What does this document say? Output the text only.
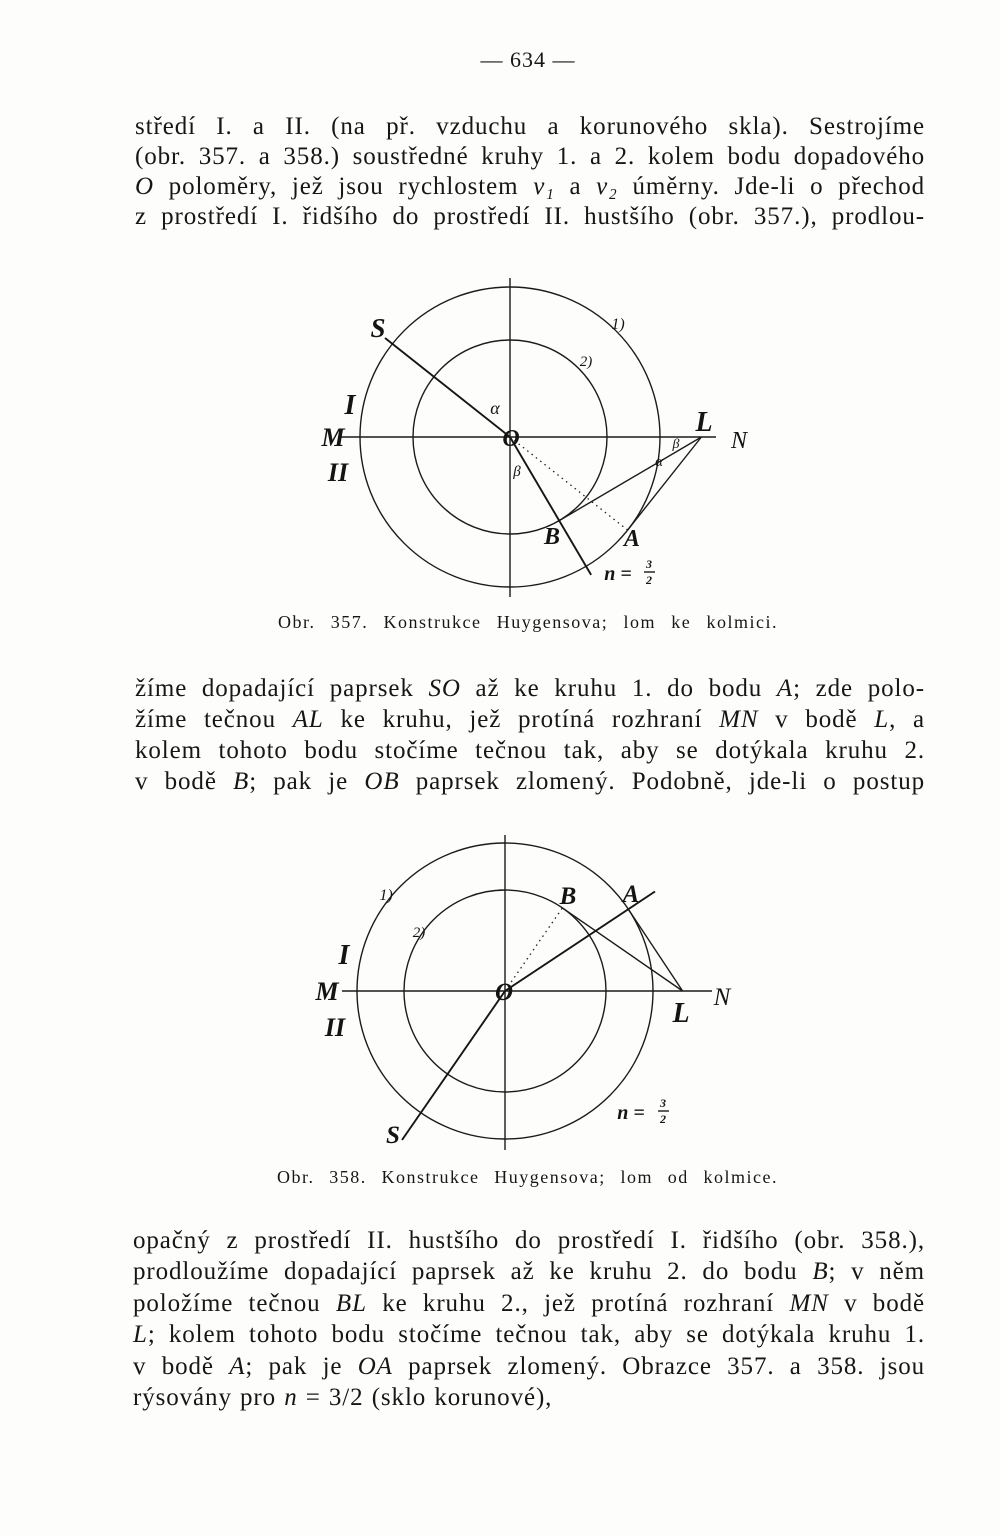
— 634 —
středí I. a II. (na př. vzduchu a korunového skla). Sestrojíme
(obr. 357. a 358.) soustředné kruhy 1. a 2. kolem bodu dopadového
O poloměry, jež jsou rychlostem v₁ a v₂ úměrny. Jde-li o přechod
z prostředí I. řidšího do prostředí II. hustšího (obr. 357.), prodlou-
S	1)
2)
I
M
II
α
O
β
L
N
β
α
B	A
n = 3
2
Obr. 357. Konstrukce Huygensova; lom ke kolmici.
žíme dopadající paprsek SO až ke kruhu 1. do bodu A; zde polo-
žíme tečnou AL ke kruhu, jež protíná rozhraní MN v bodě L, a
kolem tohoto bodu stočíme tečnou tak, aby se dotýkala kruhu 2.
v bodě B; pak je OB paprsek zlomený. Podobně, jde-li o postup
1)
2)
B A
I
M
II
O
L
N
S
n = 3
2
Obr. 358. Konstrukce Huygensova; lom od kolmice.
opačný z prostředí II. hustšího do prostředí I. řidšího (obr. 358.),
prodloužíme dopadající paprsek až ke kruhu 2. do bodu B; v něm
položíme tečnou BL ke kruhu 2., jež protíná rozhraní MN v bodě
L; kolem tohoto bodu stočíme tečnou tak, aby se dotýkala kruhu 1.
v bodě A; pak je OA paprsek zlomený. Obrazce 357. a 358. jsou
rýsovány pro n = 3/2 (sklo korunové),
